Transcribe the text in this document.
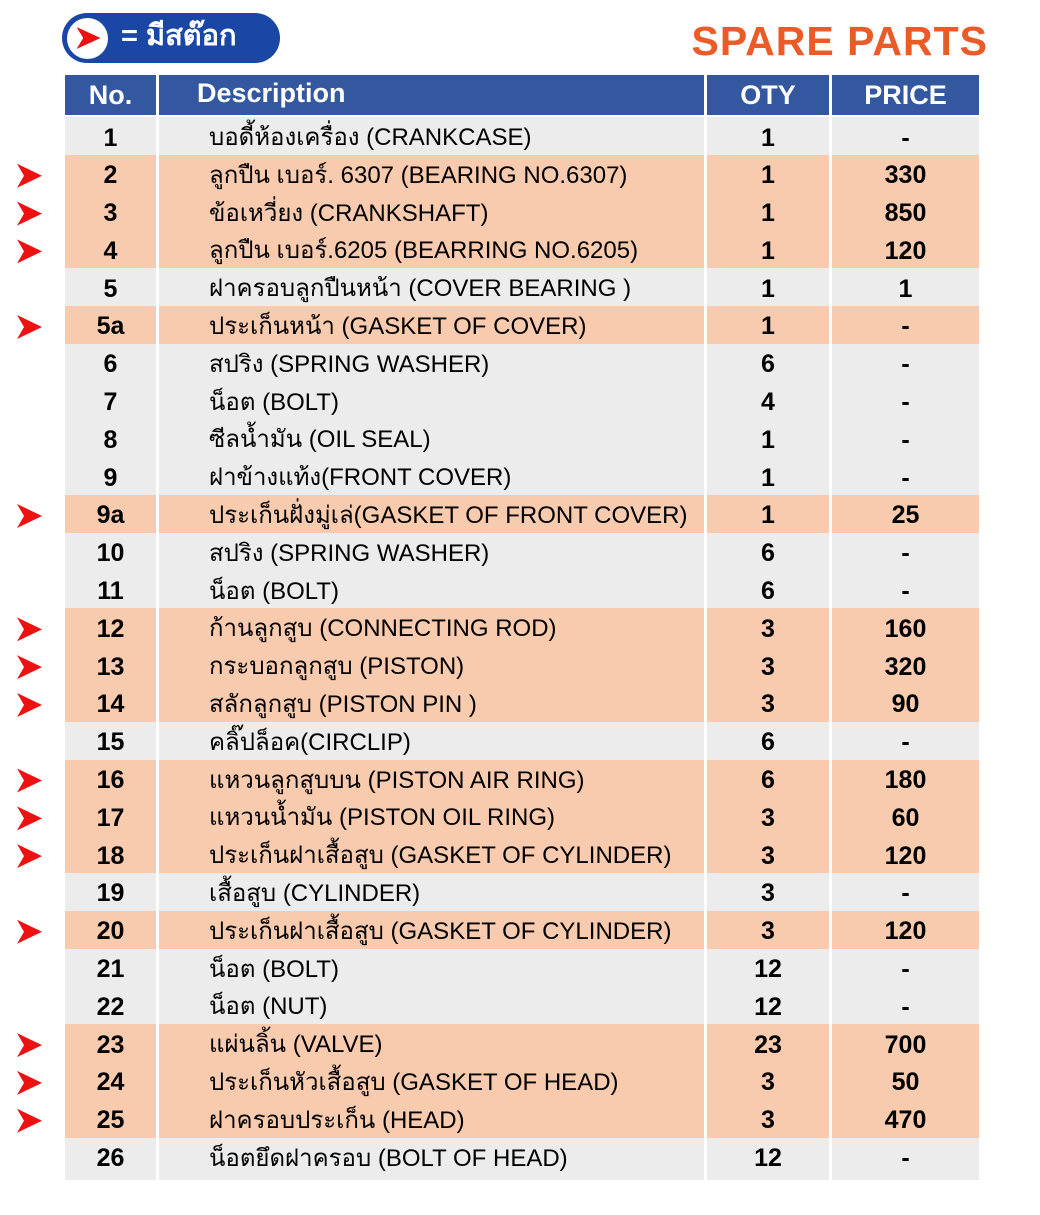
= มีสต๊อก	SPARE PARTS
No.	Description	OTY	PRICE
1	บอดี้ห้องเครื่อง (CRANKCASE)	1	-
2	ลูกปืน เบอร์. 6307 (BEARING NO.6307)	1	330
3	ข้อเหวี่ยง (CRANKSHAFT)	1	850
4	ลูกปืน เบอร์.6205 (BEARRING NO.6205)	1	120
5	ฝาครอบลูกปืนหน้า (COVER BEARING )	1	1
5a	ประเก็นหน้า (GASKET OF COVER)	1	-
6	สปริง (SPRING WASHER)	6	-
7	น็อต (BOLT)	4	-
8	ซีลน้ำมัน (OIL SEAL)	1	-
9	ฝาข้างแท้ง(FRONT COVER)	1	-
9a	ประเก็นฝั่งมู่เล่(GASKET OF FRONT COVER)	1	25
10	สปริง (SPRING WASHER)	6	-
11	น็อต (BOLT)	6	-
12	ก้านลูกสูบ (CONNECTING ROD)	3	160
13	กระบอกลูกสูบ (PISTON)	3	320
14	สลักลูกสูบ (PISTON PIN )	3	90
15	คลิ๊ปล็อค(CIRCLIP)	6	-
16	แหวนลูกสูบบน (PISTON AIR RING)	6	180
17	แหวนน้ำมัน (PISTON OIL RING)	3	60
18	ประเก็นฝาเสื้อสูบ (GASKET OF CYLINDER)	3	120
19	เสื้อสูบ (CYLINDER)	3	-
20	ประเก็นฝาเสื้อสูบ (GASKET OF CYLINDER)	3	120
21	น็อต (BOLT)	12	-
22	น็อต (NUT)	12	-
23	แผ่นลิ้น (VALVE)	23	700
24	ประเก็นหัวเสื้อสูบ (GASKET OF HEAD)	3	50
25	ฝาครอบประเก็น (HEAD)	3	470
26	น็อตยึดฝาครอบ (BOLT OF HEAD)	12	-
